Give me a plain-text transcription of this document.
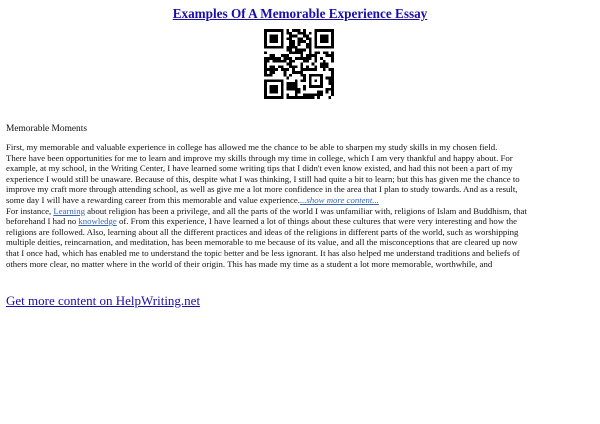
Examples Of A Memorable Experience Essay
Memorable Moments

First, my memorable and valuable experience in college has allowed me the chance to be able to sharpen my study skills in my chosen field.
There have been opportunities for me to learn and improve my skills through my time in college, which I am very thankful and happy about. For
example, at my school, in the Writing Center, I have learned some writing tips that I didn't even know existed, and had this not been a part of my
experience I would still be unaware. Because of this, despite what I was thinking, I still had quite a bit to learn; but this has given me the chance to
improve my craft more through attending school, as well as give me a lot more confidence in the area that I plan to study towards. And as a result,
some day I will have a rewarding career from this memorable and value experience....show more content...

For instance, Learning about religion has been a privilege, and all the parts of the world I was unfamiliar with, religions of Islam and Buddhism, that
beforehand I had no knowledge of. From this experience, I have learned a lot of things about these cultures that were very interesting and how the
religions are followed. Also, learning about all the different practices and ideas of the religions in different parts of the world, such as worshipping
multiple deities, reincarnation, and meditation, has been memorable to me because of its value, and all the misconceptions that are cleared up now
that I once had, which has enabled me to understand the topic better and be less ignorant. It has also helped me understand traditions and beliefs of
others more clear, no matter where in the world of their origin. This has made my time as a student a lot more memorable, worthwhile, and

Get more content on HelpWriting.net
